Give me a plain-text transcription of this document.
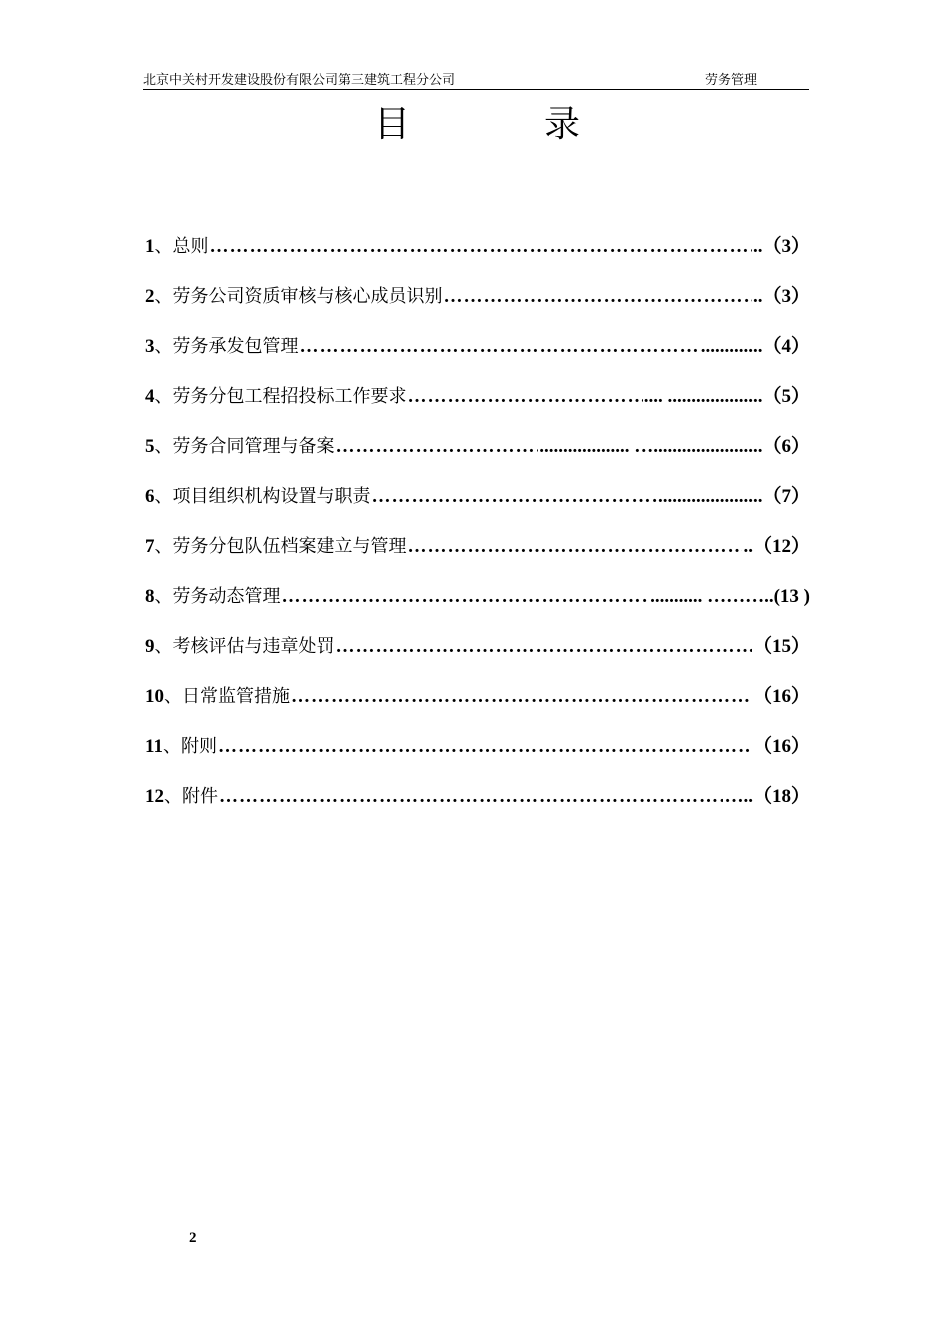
北京中关村开发建设股份有限公司第三建筑工程分公司	劳务管理
目	录
1 、 总则 …………………………………………………………………………………………………………………………………………	..（3）
2 、 劳务公司资质审核与核心成员识别 …………………………………………………………………………………………………………………………………………	..（3）
3 、 劳务承发包管理 …………………………………………………………………………………………………………………………………………	.............（4）
4 、 劳务分包工程招投标工作要求 …………………………………………………………………………………………………………………………………………	.... ....................（5）
5 、 劳务合同管理与备案 …………………………………………………………………………………………………………………………………………	................... ….......................（6）
6 、 项目组织机构设置与职责 …………………………………………………………………………………………………………………………………………	......................（7）
7 、 劳务分包队伍档案建立与管理 …………………………………………………………………………………………………………………………………………	..（12）
8 、 劳务动态管理 …………………………………………………………………………………………………………………………………………	........... ………..(13 )
9 、 考核评估与违章处罚 …………………………………………………………………………………………………………………………………………	（15）
10 、 日常监管措施 …………………………………………………………………………………………………………………………………………	（16）
11 、 附则 …………………………………………………………………………………………………………………………………………	（16）
12 、 附件 …………………………………………………………………………………………………………………………………………	…..（18）
2
